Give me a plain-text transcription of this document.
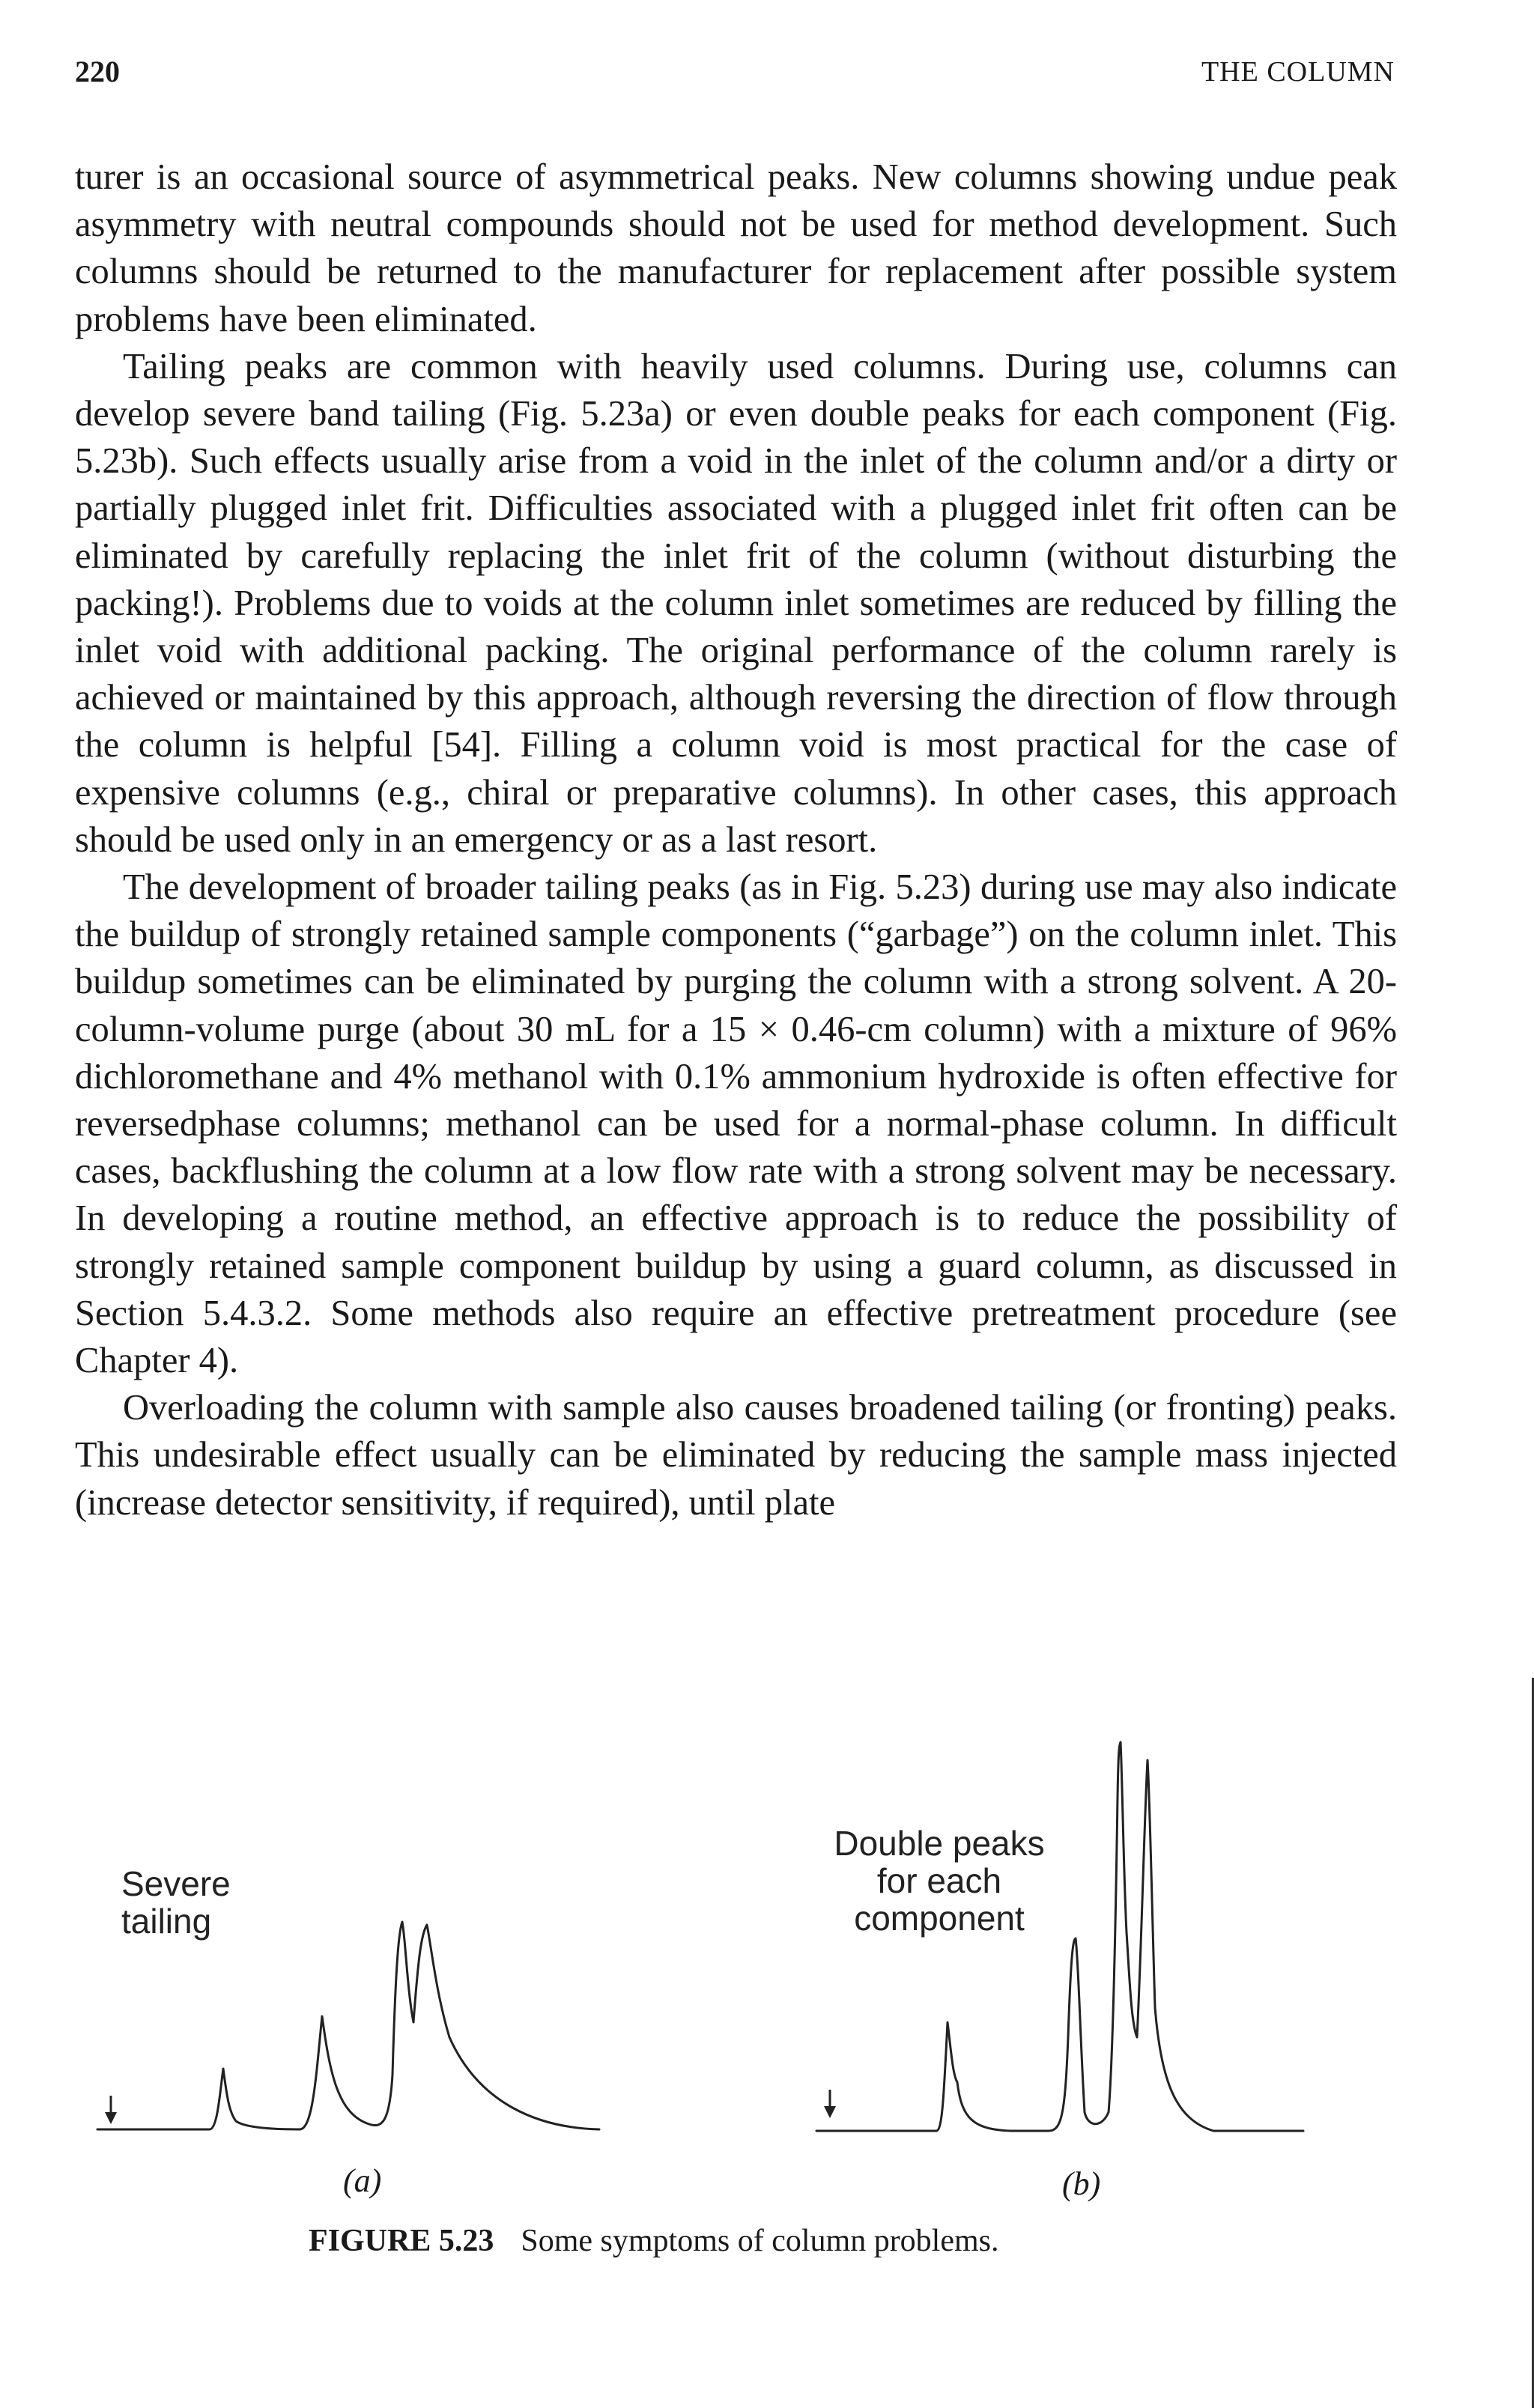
220	THE COLUMN

turer is an occasional source of asymmetrical peaks. New columns showing undue peak asymmetry with neutral compounds should not be used for method development. Such columns should be returned to the manufacturer for replacement after possible system problems have been eliminated.

Tailing peaks are common with heavily used columns. During use, columns can develop severe band tailing (Fig. 5.23a) or even double peaks for each component (Fig. 5.23b). Such effects usually arise from a void in the inlet of the column and/or a dirty or partially plugged inlet frit. Difficulties associated with a plugged inlet frit often can be eliminated by carefully replacing the inlet frit of the column (without disturbing the packing!). Problems due to voids at the column inlet sometimes are reduced by filling the inlet void with additional packing. The original performance of the column rarely is achieved or maintained by this approach, although reversing the direction of flow through the column is helpful [54]. Filling a column void is most practical for the case of expensive columns (e.g., chiral or preparative columns). In other cases, this approach should be used only in an emergency or as a last resort.

The development of broader tailing peaks (as in Fig. 5.23) during use may also indicate the buildup of strongly retained sample components (“garbage”) on the column inlet. This buildup sometimes can be eliminated by purging the column with a strong solvent. A 20-column-volume purge (about 30 mL for a 15 × 0.46-cm column) with a mixture of 96% dichloromethane and 4% methanol with 0.1% ammonium hydroxide is often effective for reversedphase columns; methanol can be used for a normal-phase column. In difficult cases, backflushing the column at a low flow rate with a strong solvent may be necessary. In developing a routine method, an effective approach is to reduce the possibility of strongly retained sample component buildup by using a guard column, as discussed in Section 5.4.3.2. Some methods also require an effective pretreatment procedure (see Chapter 4).

Overloading the column with sample also causes broadened tailing (or fronting) peaks. This undesirable effect usually can be eliminated by reducing the sample mass injected (increase detector sensitivity, if required), until plate

Severe
tailing
(a)
Double peaks
for each
component
(b)
FIGURE 5.23 Some symptoms of column problems.
